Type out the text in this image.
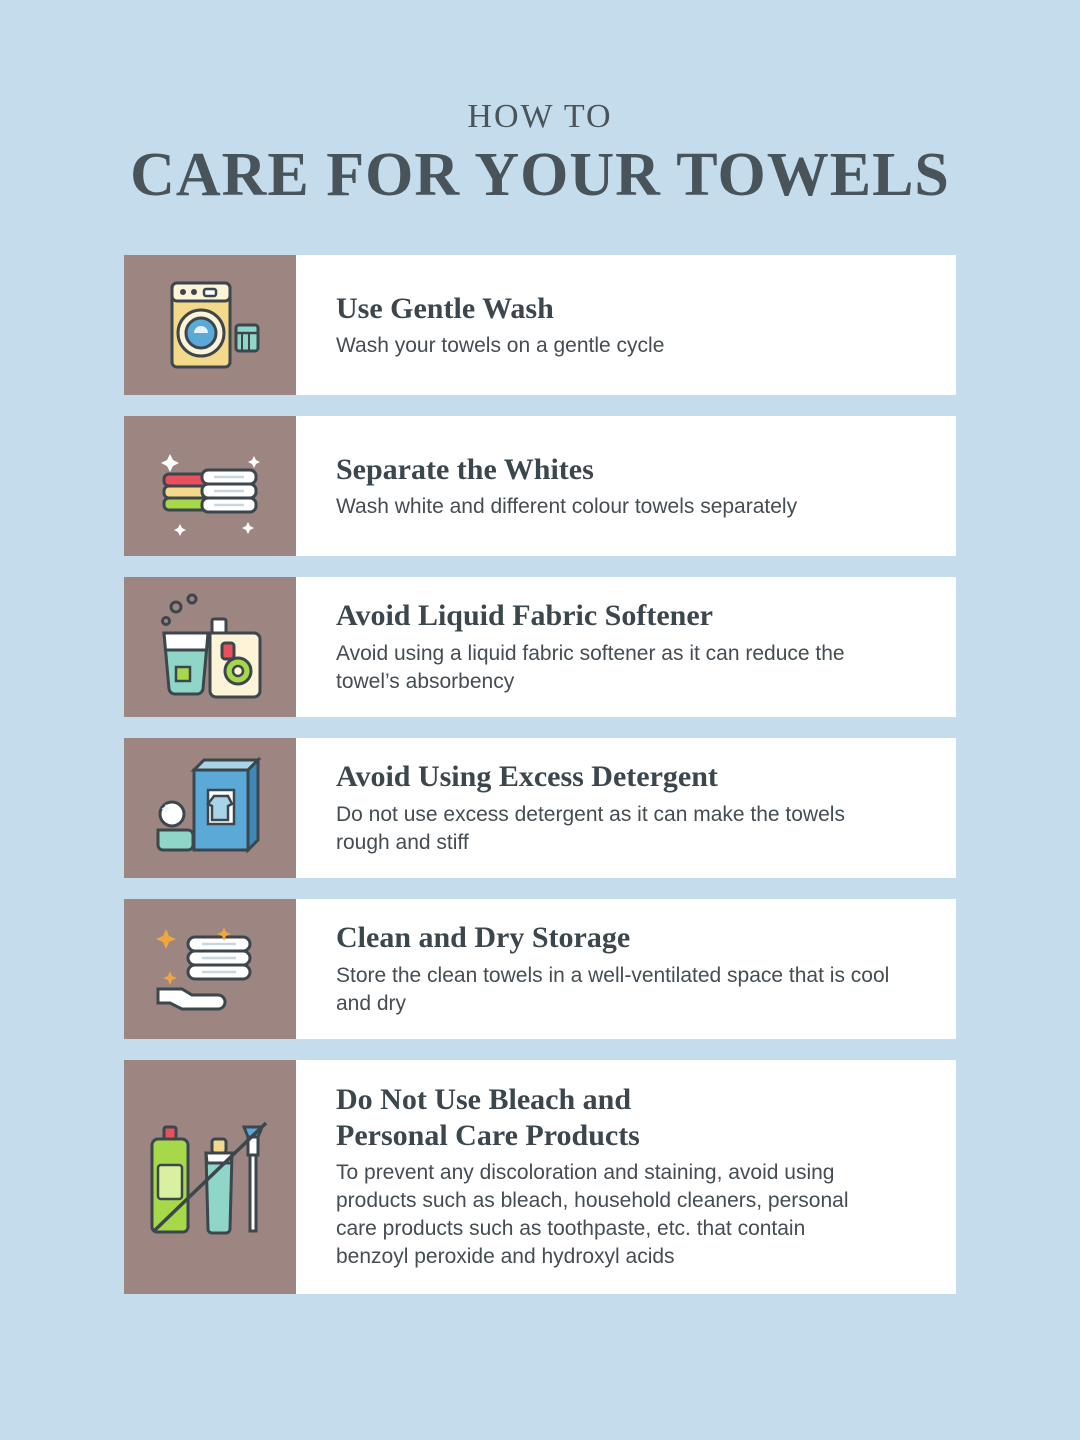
HOW TO
CARE FOR YOUR TOWELS
Use Gentle Wash
Wash your towels on a gentle cycle
Separate the Whites
Wash white and different colour towels separately
Avoid Liquid Fabric Softener
Avoid using a liquid fabric softener as it can reduce the towel’s absorbency
Avoid Using Excess Detergent
Do not use excess detergent as it can make the towels rough and stiff
Clean and Dry Storage
Store the clean towels in a well-ventilated space that is cool and dry
Do Not Use Bleach and
Personal Care Products
To prevent any discoloration and staining, avoid using products such as bleach, household cleaners, personal care products such as toothpaste, etc. that contain benzoyl peroxide and hydroxyl acids
